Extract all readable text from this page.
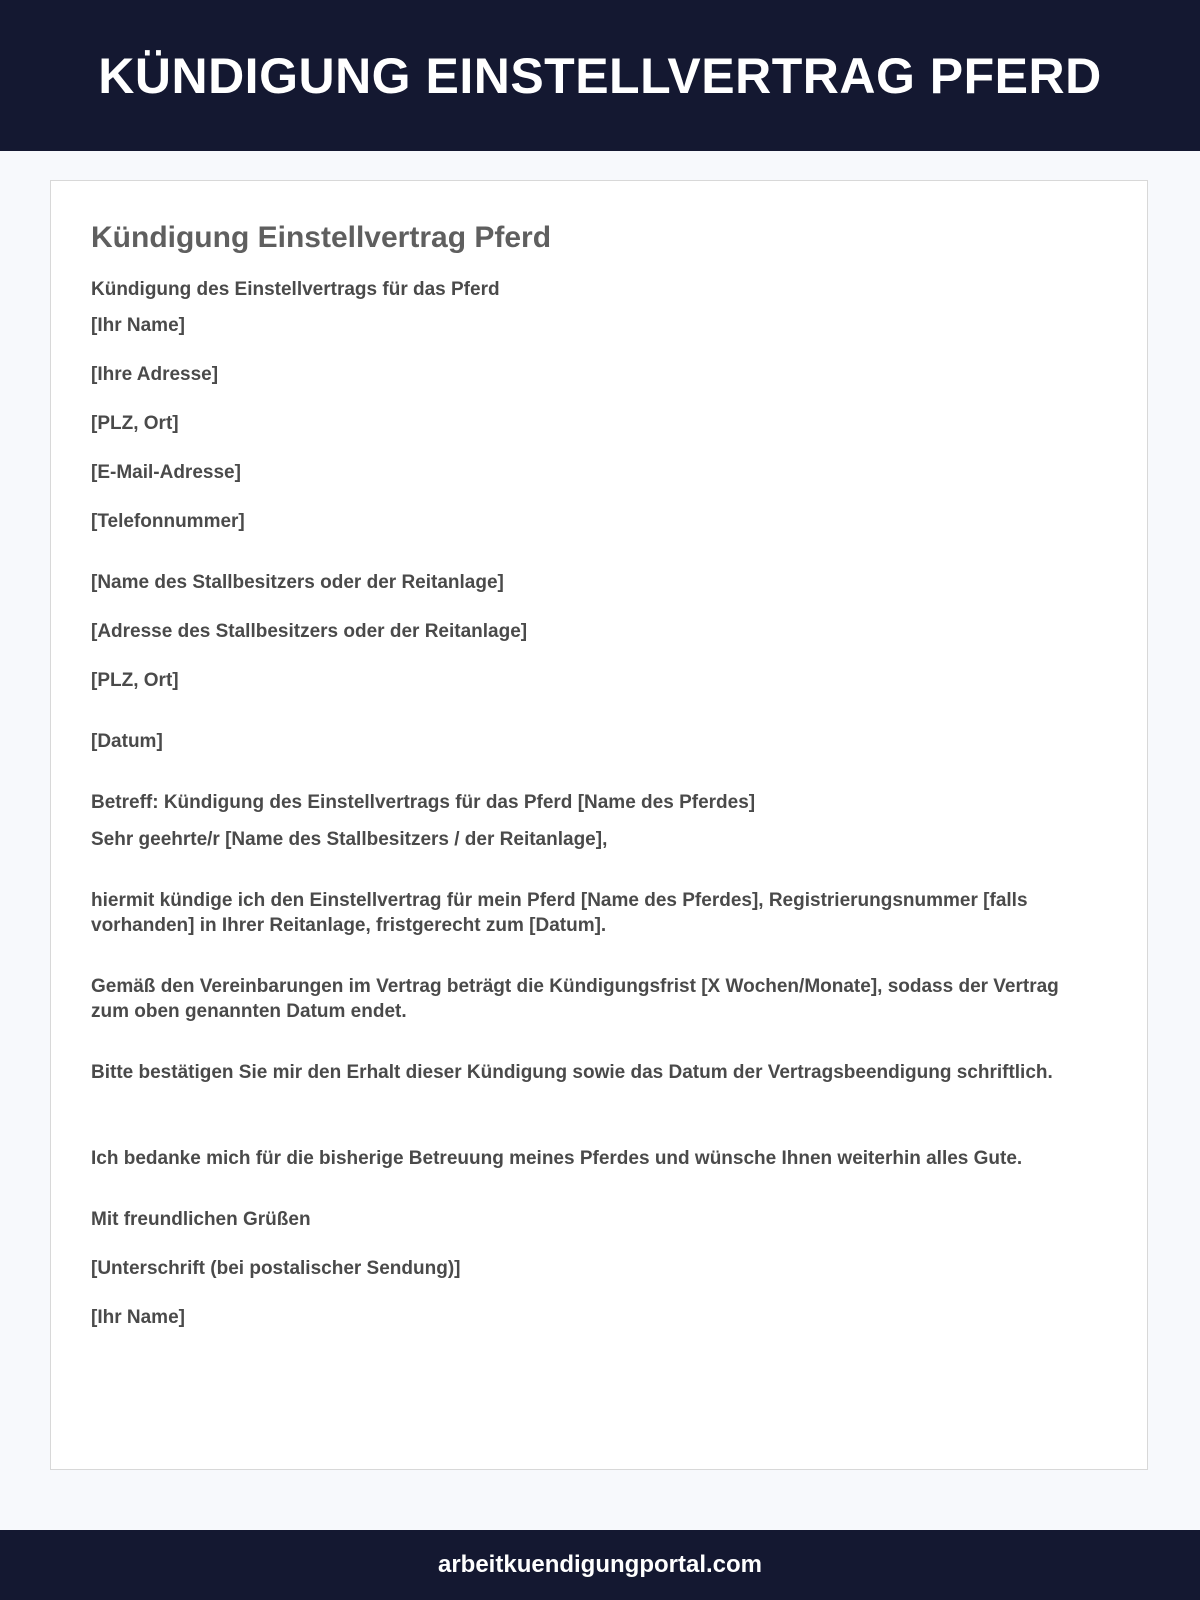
KÜNDIGUNG EINSTELLVERTRAG PFERD
Kündigung Einstellvertrag Pferd

Kündigung des Einstellvertrags für das Pferd

[Ihr Name]

[Ihre Adresse]

[PLZ, Ort]

[E-Mail-Adresse]

[Telefonnummer]

[Name des Stallbesitzers oder der Reitanlage]

[Adresse des Stallbesitzers oder der Reitanlage]

[PLZ, Ort]

[Datum]

Betreff: Kündigung des Einstellvertrags für das Pferd [Name des Pferdes]

Sehr geehrte/r [Name des Stallbesitzers / der Reitanlage],

hiermit kündige ich den Einstellvertrag für mein Pferd [Name des Pferdes], Registrierungsnummer [falls vorhanden] in Ihrer Reitanlage, fristgerecht zum [Datum].

Gemäß den Vereinbarungen im Vertrag beträgt die Kündigungsfrist [X Wochen/Monate], sodass der Vertrag zum oben genannten Datum endet.

Bitte bestätigen Sie mir den Erhalt dieser Kündigung sowie das Datum der Vertragsbeendigung schriftlich.

Ich bedanke mich für die bisherige Betreuung meines Pferdes und wünsche Ihnen weiterhin alles Gute.

Mit freundlichen Grüßen

[Unterschrift (bei postalischer Sendung)]

[Ihr Name]

arbeitkuendigungportal.com
